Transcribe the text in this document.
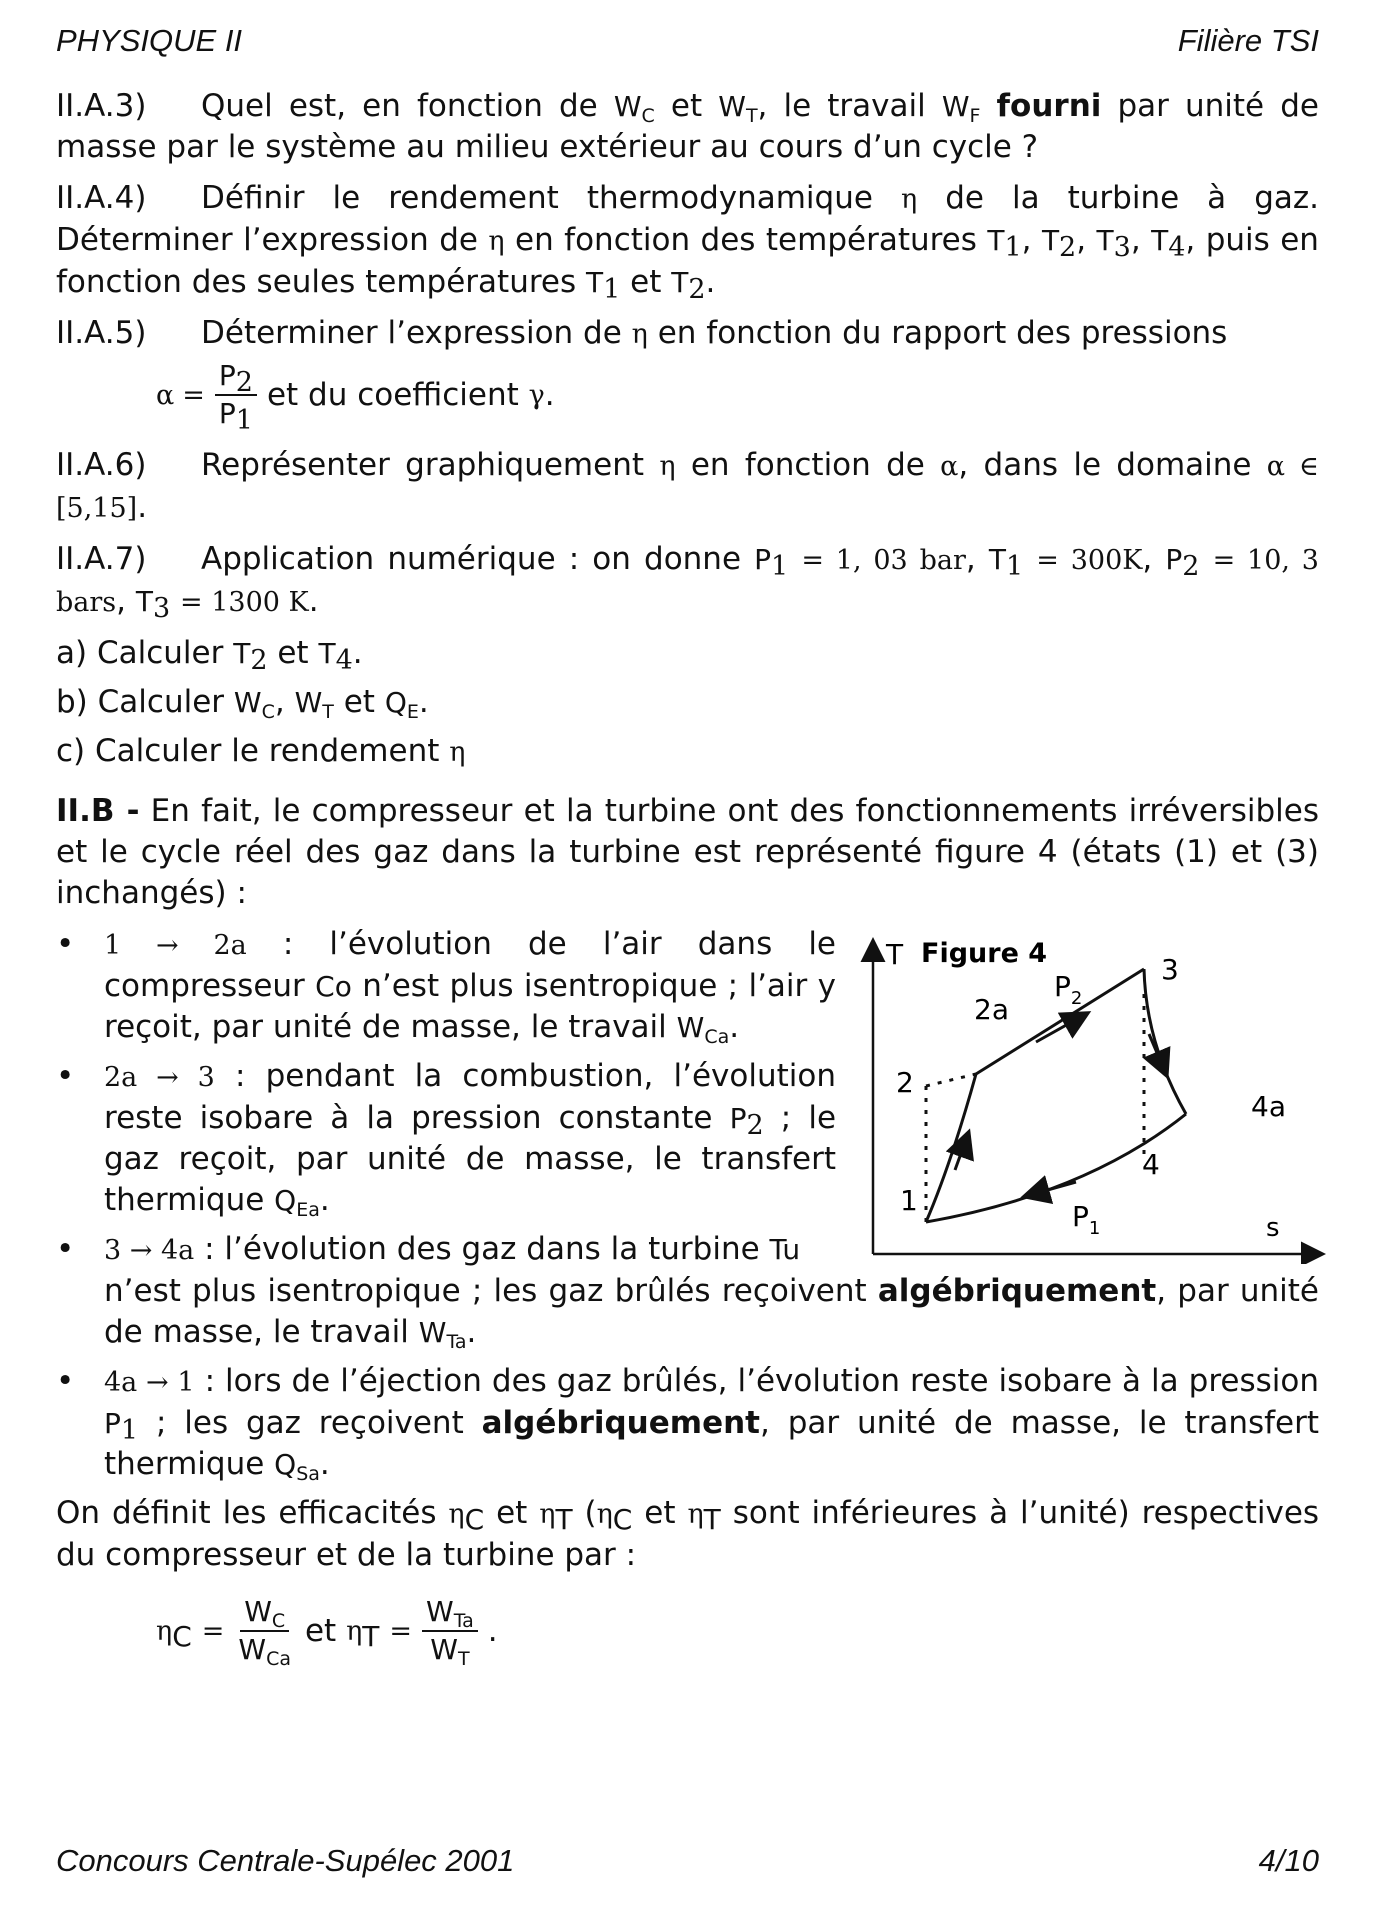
PHYSIQUE II	Filière TSI

II.A.3) Quel est, en fonction de $W_C$ et $W_T$, le travail $W_F$ fourni par unité de masse par le système au milieu extérieur au cours d’un cycle ?

II.A.4) Définir le rendement thermodynamique η de la turbine à gaz. Déterminer l’expression de η en fonction des températures $T_1$, $T_2$, $T_3$, $T_4$, puis en fonction des seules températures $T_1$ et $T_2$.

II.A.5) Déterminer l’expression de η en fonction du rapport des pressions

$\alpha = \frac{P_2}{P_1}$ et du coefficient
γ .

II.A.6) Représenter graphiquement η en fonction de α, dans le domaine α ∈ [5,15].

II.A.7) Application numérique : on donne $P_1 = 1$, 03 bar, $T_1 = 300K$, $P_2 = 10$, 3 bars, $T_3 = 1300$ K.

a) Calculer $T_2$ et $T_4$.

b) Calculer $W_C$, $W_T$ et $Q_E$.

c) Calculer le rendement η

II.B - En fait, le compresseur et la turbine ont des fonctionnements irréversibles et le cycle réel des gaz dans la turbine est représenté figure 4 (états (1) et (3) inchangés) :

•	1 → 2a : l’évolution de l’air dans le compresseur Co n’est plus isentropique ; l’air y reçoit, par unité de masse, le travail $W_{Ca}$.
•	2a → 3 : pendant la combustion, l’évolution reste isobare à la pression constante $P_2$ ; le gaz reçoit, par unité de masse, le transfert thermique $Q_{Ea}$.
•	3 → 4a : l’évolution des gaz dans la turbine Tu
n’est plus isentropique ; les gaz brûlés reçoivent algébriquement, par unité de masse, le travail $W_{Ta}$.
T
s
Figure 4
1
2
2a
3
4
4a
$P_2$
$P_1$
•	4a → 1 : lors de l’éjection des gaz brûlés, l’évolution reste isobare à la pression $P_1$ ; les gaz reçoivent algébriquement, par unité de masse, le transfert thermique $Q_{Sa}$.

On définit les efficacités $\eta_C$ et $\eta_T$ ($\eta_C$ et $\eta_T$ sont inférieures à l’unité) respectives du compresseur et de la turbine par :

$\eta_C = \frac{W_C}{W_{Ca}}$ et
$\eta_T = \frac{W_{Ta}}{W_T}$ .
Concours Centrale-Supélec 2001	4/10
